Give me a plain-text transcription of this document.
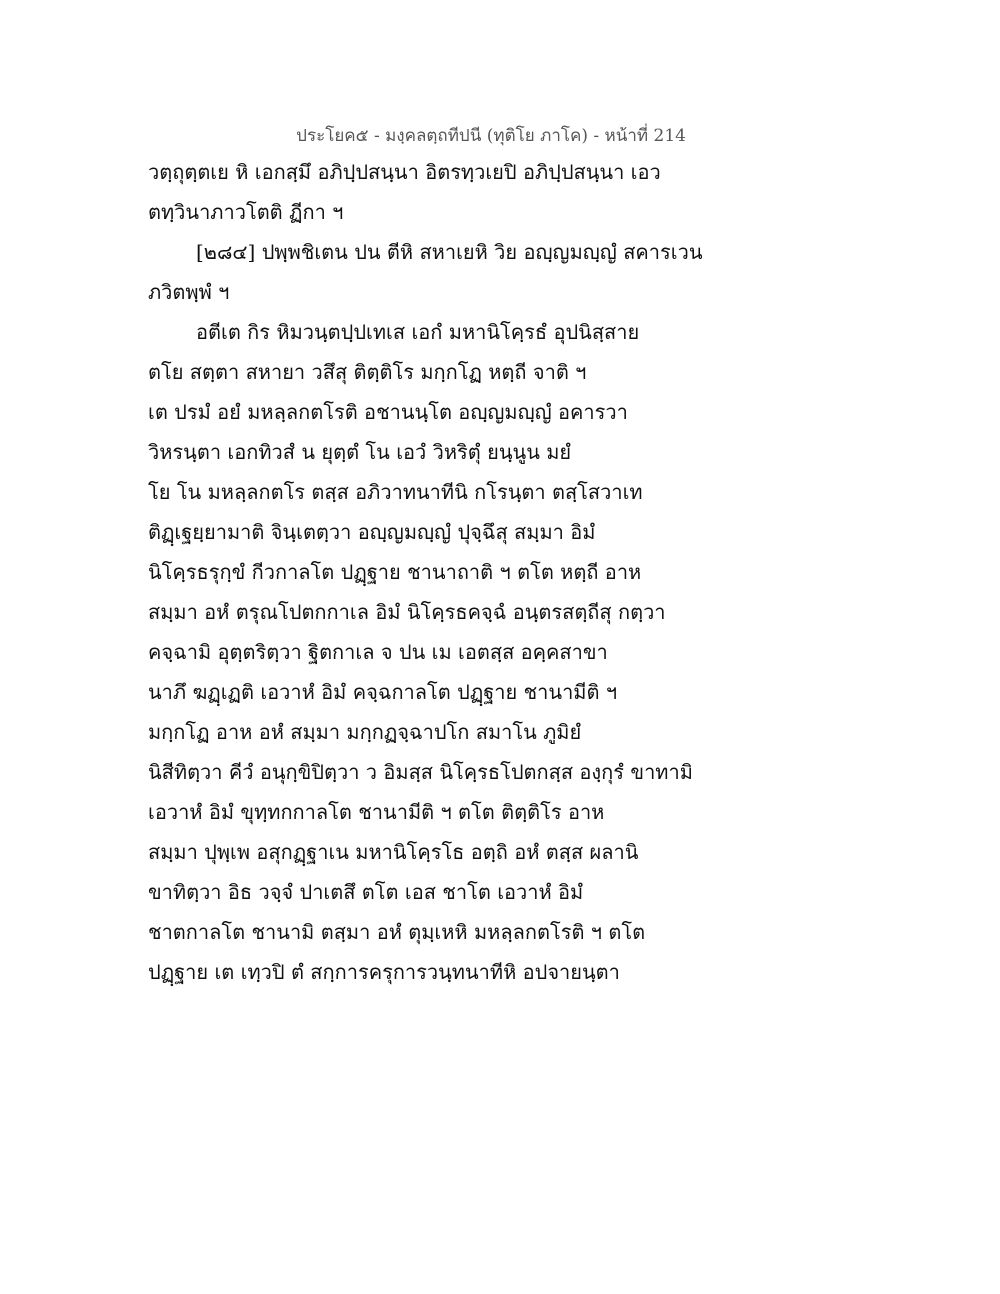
ประโยค๕ - มงฺคลตฺถทีปนี (ทุติโย ภาโค) - หน้าที่ 214
วตฺถุตฺตเย หิ เอกสฺมึ อภิปฺปสนฺนา อิตรทฺวเยปิ อภิปฺปสนฺนา เอว
ตทฺวินาภาวโตติ ฏีกา ฯ
[๒๘๔] ปพฺพชิเตน ปน ตีหิ สหาเยหิ วิย อญฺญมญฺญํ สคารเวน
ภวิตพฺพํ ฯ
อตีเต กิร หิมวนฺตปฺปเทเส เอกํ มหานิโคฺรธํ อุปนิสฺสาย
ตโย สตฺตา สหายา วสึสุ ติตฺติโร มกฺกโฏ หตฺถี จาติ ฯ
เต ปรมํ อยํ มหลฺลกตโรติ อชานนฺโต อญฺญมญฺญํ อคารวา
วิหรนฺตา เอกทิวสํ น ยุตฺตํ โน เอวํ วิหริตุํ ยนฺนูน มยํ
โย โน มหลฺลกตโร ตสฺส อภิวาทนาทีนิ กโรนฺตา ตสฺโสวาเท
ติฏฺเฐยฺยามาติ จินฺเตตฺวา อญฺญมญฺญํ ปุจฺฉึสุ สมฺมา อิมํ
นิโคฺรธรุกฺขํ กีวกาลโต ปฏฺฐาย ชานาถาติ ฯ ตโต หตฺถี อาห
สมฺมา อหํ ตรุณโปตกกาเล อิมํ นิโคฺรธคจฺฉํ อนฺตรสตฺถีสุ กตฺวา
คจฺฉามิ อุตฺตริตฺวา ฐิตกาเล จ ปน เม เอตสฺส อคฺคสาขา
นาภึ ฆฏฺเฏติ เอวาหํ อิมํ คจฺฉกาลโต ปฏฺฐาย ชานามีติ ฯ
มกฺกโฏ อาห อหํ สมฺมา มกฺกฏจฺฉาปโก สมาโน ภูมิยํ
นิสีทิตฺวา คีวํ อนุกฺขิปิตฺวา ว อิมสฺส นิโคฺรธโปตกสฺส องฺกุรํ ขาทามิ
เอวาหํ อิมํ ขุทฺทกกาลโต ชานามีติ ฯ ตโต ติตฺติโร อาห
สมฺมา ปุพฺเพ อสุกฏฺฐาเน มหานิโคฺรโธ อตฺถิ อหํ ตสฺส ผลานิ
ขาทิตฺวา อิธ วจฺจํ ปาเตสึ ตโต เอส ชาโต เอวาหํ อิมํ
ชาตกาลโต ชานามิ ตสฺมา อหํ ตุมฺเหหิ มหลฺลกตโรติ ฯ ตโต
ปฏฺฐาย เต เทฺวปิ ตํ สกฺการครุการวนฺทนาทีหิ อปจายนฺตา
